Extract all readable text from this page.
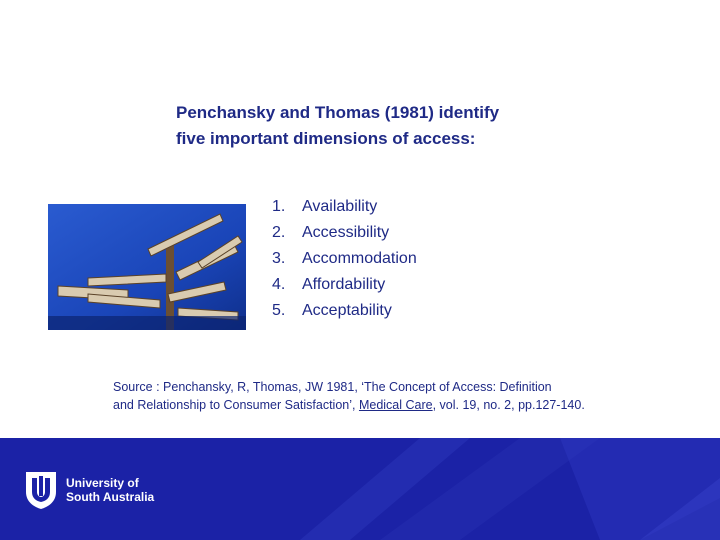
Penchansky and Thomas (1981) identify
five important dimensions of access:
1.	Availability
2.	Accessibility
3.	Accommodation
4.	Affordability
5.	Acceptability
Source : Penchansky, R, Thomas, JW 1981, ‘The Concept of Access: Definition
and Relationship to Consumer Satisfaction’, Medical Care, vol. 19, no. 2, pp.127-140.
University of
South Australia
